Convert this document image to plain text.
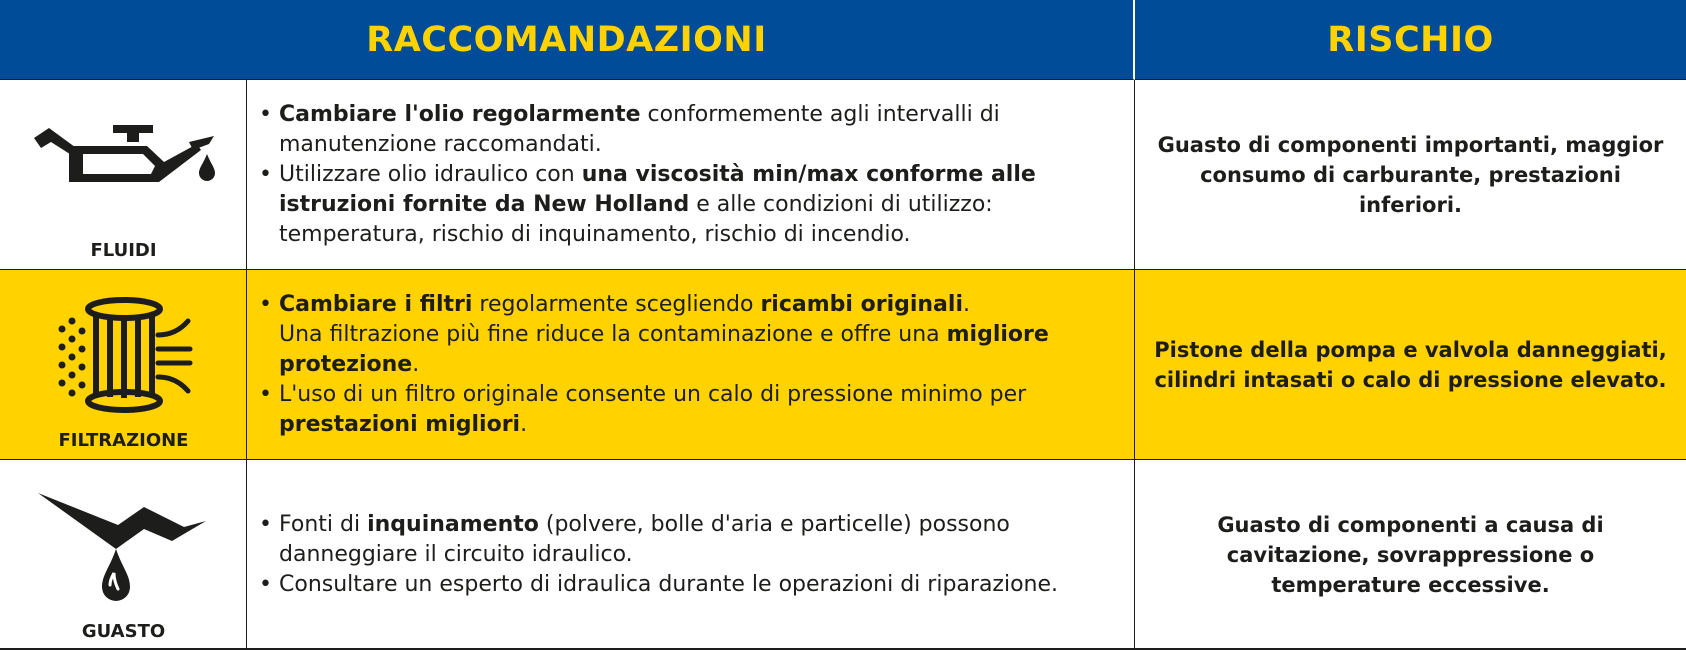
RACCOMANDAZIONI	RISCHIO
FLUIDI
• Cambiare l'olio regolarmente conformemente agli intervalli di manutenzione raccomandati.
• Utilizzare olio idraulico con una viscosità min/max conforme alle istruzioni fornite da New Holland e alle condizioni di utilizzo: temperatura, rischio di inquinamento, rischio di incendio.
Guasto di componenti importanti, maggior consumo di carburante, prestazioni inferiori.
FILTRAZIONE
• Cambiare i filtri regolarmente scegliendo ricambi originali.
Una filtrazione più fine riduce la contaminazione e offre una migliore protezione.
• L'uso di un filtro originale consente un calo di pressione minimo per prestazioni migliori.
Pistone della pompa e valvola danneggiati, cilindri intasati o calo di pressione elevato.
GUASTO
• Fonti di inquinamento (polvere, bolle d'aria e particelle) possono danneggiare il circuito idraulico.
• Consultare un esperto di idraulica durante le operazioni di riparazione.
Guasto di componenti a causa di cavitazione, sovrappressione o temperature eccessive.
